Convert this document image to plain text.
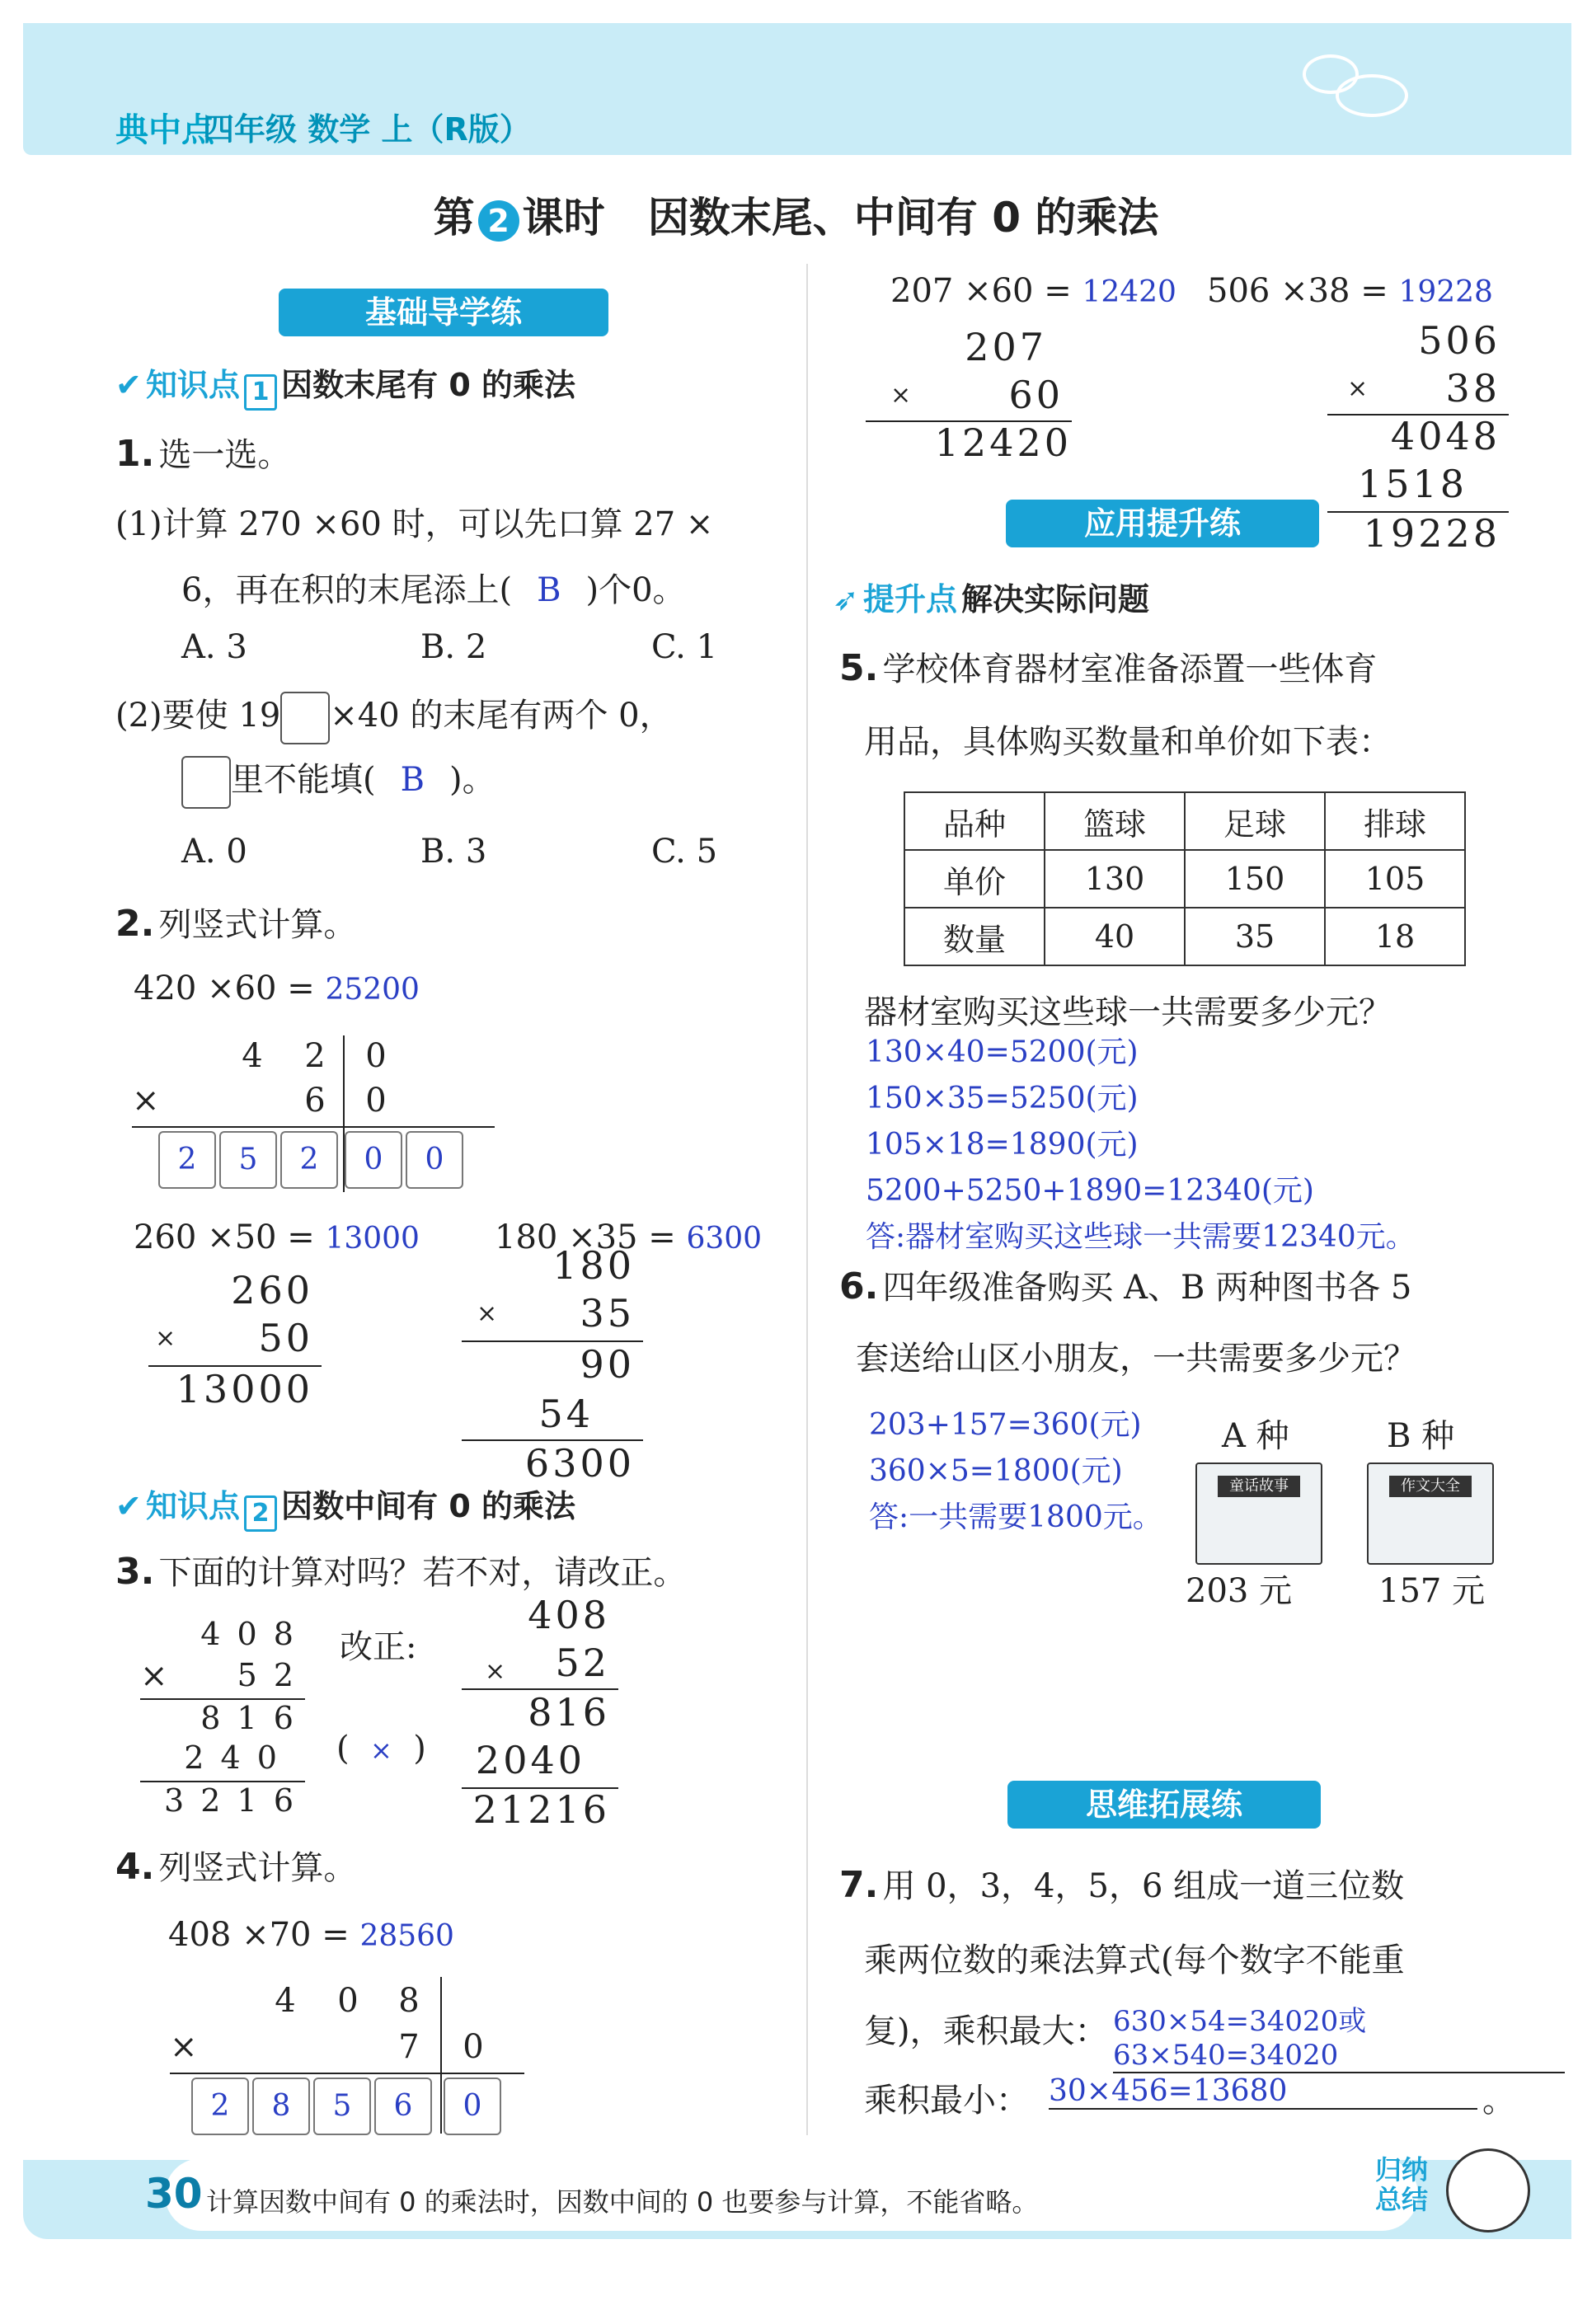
典中点
四年级 数学 上（R版）
第 2 课时 因数末尾、中间有 0 的乘法
基础导学练
✔ 知识点 1 因数末尾有 0 的乘法
1. 选一选。
(1)计算 270 ×60 时，可以先口算 27 ×
6，再在积的末尾添上( B )个0。
A. 3	B. 2	C. 1
(2)要使 19 ×40 的末尾有两个 0，
里不能填( B )。
A. 0	B. 3	C. 5
2. 列竖式计算。
420 ×60 = 25200
4 2 0
×	6 0
2	5	2	0	0
260 ×50 = 13000
260
×	50
13000
180 ×35 = 6300
180
×	35
90
54
6300
✔ 知识点 2 因数中间有 0 的乘法
3. 下面的计算对吗？若不对，请改正。
4 0 8
×	5 2
8 1 6
2 4 0
3 2 1 6
(  ×  )
改正:
408
×	52
816
2040
21216
4. 列竖式计算。
408 ×70 = 28560
4 0 8
×	7 0
2	8	5	6	0
207 ×60 = 12420
207
×	60
12420
506 ×38 = 19228
506
×	38
4048
1518
19228
应用提升练
➶ 提升点 解决实际问题
5. 学校体育器材室准备添置一些体育
用品，具体购买数量和单价如下表：
品种	篮球	足球	排球
单价	130	150	105
数量	40	35	18
器材室购买这些球一共需要多少元？
130×40=5200(元)
150×35=5250(元)
105×18=1890(元)
5200+5250+1890=12340(元)
答:器材室购买这些球一共需要12340元。
6. 四年级准备购买 A、B 两种图书各 5
套送给山区小朋友，一共需要多少元？
203+157=360(元)
360×5=1800(元)
答:一共需要1800元。
A 种	B 种
童话故事	作文大全
203 元	157 元
思维拓展练
7. 用 0，3，4，5，6 组成一道三位数
乘两位数的乘法算式(每个数字不能重
复)，乘积最大： 630×54=34020或63×540=34020
乘积最小： 30×456=13680	。
30 计算因数中间有 0 的乘法时，因数中间的 0 也要参与计算，不能省略。
归纳总结
